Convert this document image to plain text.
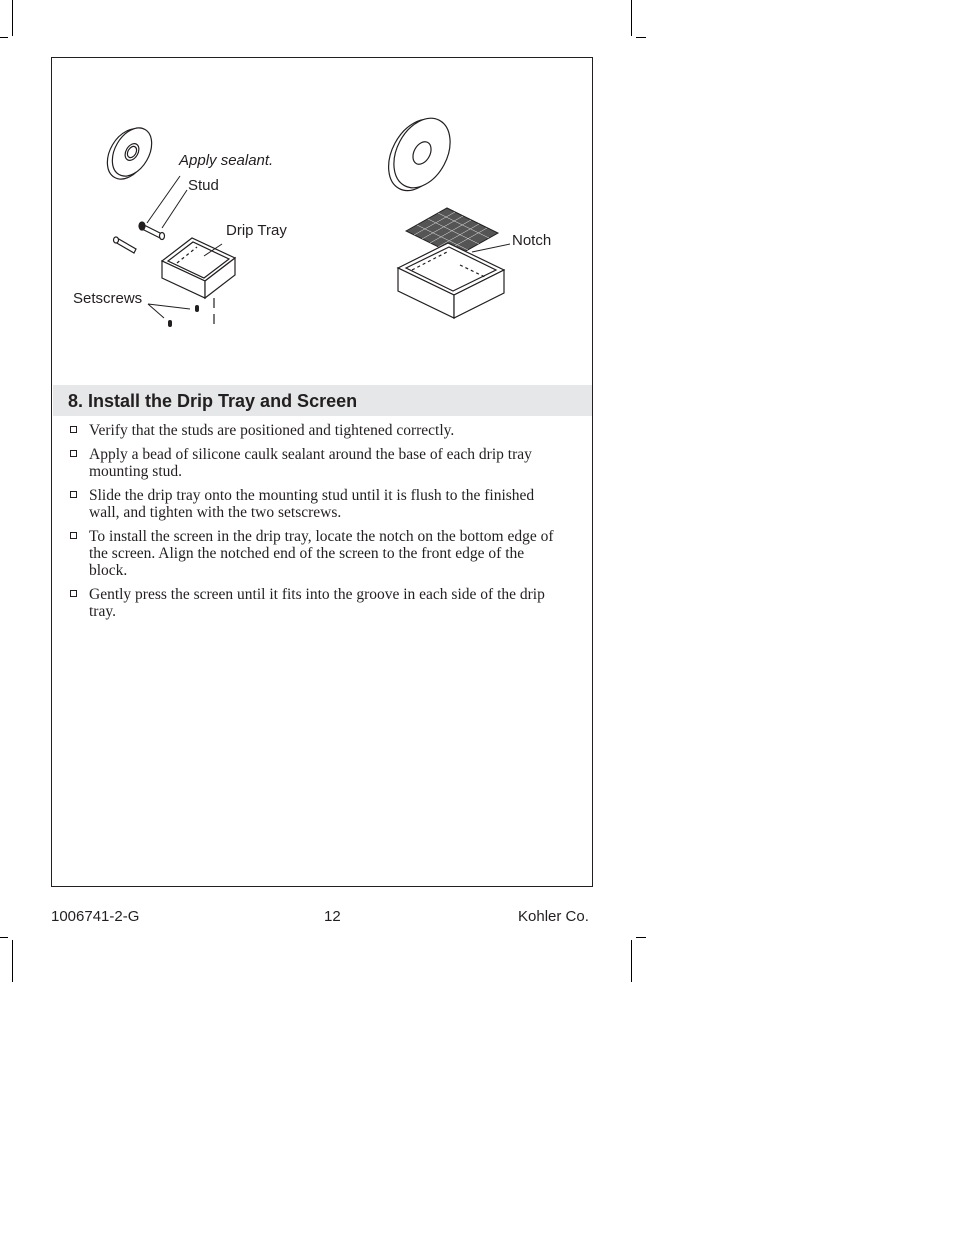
Apply sealant.
Stud
Drip Tray
Setscrews
Notch
8. Install the Drip Tray and Screen
Verify that the studs are positioned and tightened correctly.
Apply a bead of silicone caulk sealant around the base of each drip tray mounting stud.
Slide the drip tray onto the mounting stud until it is flush to the finished wall, and tighten with the two setscrews.
To install the screen in the drip tray, locate the notch on the bottom edge of the screen. Align the notched end of the screen to the front edge of the block.
Gently press the screen until it fits into the groove in each side of the drip tray.
1006741-2-G	12	Kohler Co.
